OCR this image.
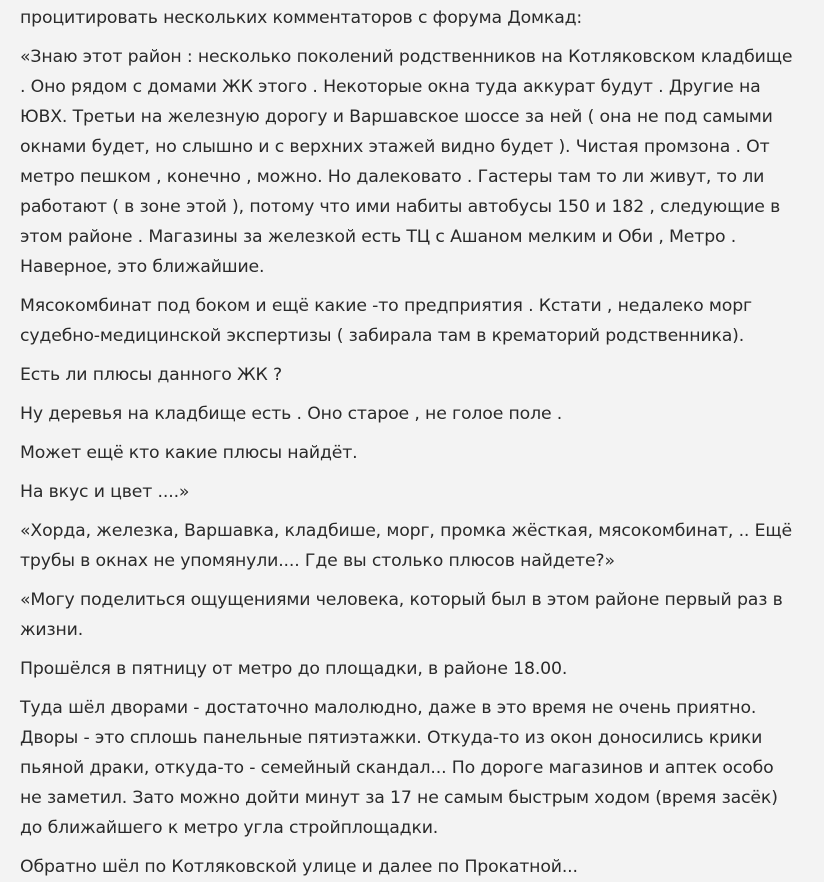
процитировать нескольких комментаторов с форума Домкад:

«Знаю этот район : несколько поколений родственников на Котляковском кладбище
. Оно рядом с домами ЖК этого . Некоторые окна туда аккурат будут . Другие на
ЮВХ. Третьи на железную дорогу и Варшавское шоссе за ней ( она не под самыми
окнами будет, но слышно и с верхних этажей видно будет ). Чистая промзона . От
метро пешком , конечно , можно. Но далековато . Гастеры там то ли живут, то ли
работают ( в зоне этой ), потому что ими набиты автобусы 150 и 182 , следующие в
этом районе . Магазины за железкой есть ТЦ с Ашаном мелким и Оби , Метро .
Наверное, это ближайшие.

Мясокомбинат под боком и ещё какие -то предприятия . Кстати , недалеко морг
судебно-медицинской экспертизы ( забирала там в крематорий родственника).

Есть ли плюсы данного ЖК ?

Ну деревья на кладбище есть . Оно старое , не голое поле .

Может ещё кто какие плюсы найдёт.

На вкус и цвет ....»

«Хорда, железка, Варшавка, кладбише, морг, промка жёсткая, мясокомбинат, .. Ещё
трубы в окнах не упомянули.... Где вы столько плюсов найдете?»

«Могу поделиться ощущениями человека, который был в этом районе первый раз в
жизни.

Прошёлся в пятницу от метро до площадки, в районе 18.00.

Туда шёл дворами - достаточно малолюдно, даже в это время не очень приятно.
Дворы - это сплошь панельные пятиэтажки. Откуда-то из окон доносились крики
пьяной драки, откуда-то - семейный скандал... По дороге магазинов и аптек особо
не заметил. Зато можно дойти минут за 17 не самым быстрым ходом (время засёк)
до ближайшего к метро угла стройплощадки.

Обратно шёл по Котляковской улице и далее по Прокатной...
